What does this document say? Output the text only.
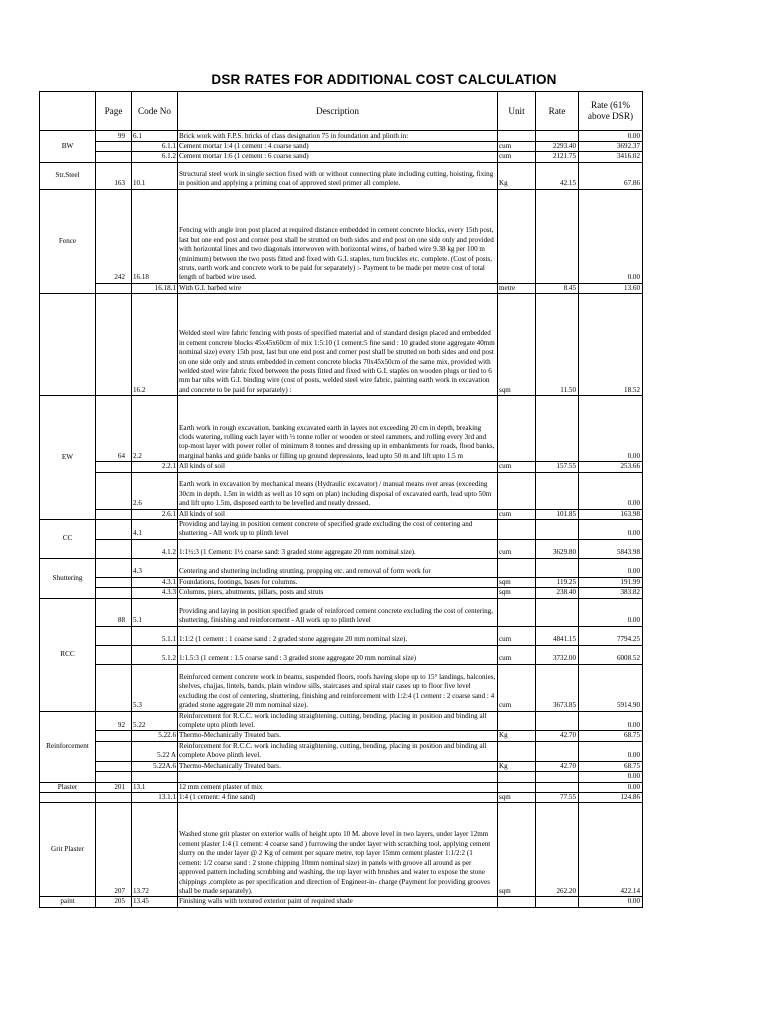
DSR RATES FOR ADDITIONAL COST CALCULATION
	Page	Code No	Description	Unit	Rate	Rate (61% above DSR)
BW	99	6.1	Brick work with F.P.S. bricks of class designation 75 in foundation and plinth in:			0.00
		6.1.1	Cement mortar 1:4 (1 cement : 4 coarse sand)	cum	2293.40	3692.37
		6.1.2	Cement mortar 1:6 (1 cement : 6 coarse sand)	cum	2121.75	3416.02
Str.Steel	163	10.1	Structural steel work in single section fixed with or without connecting plate including cutting, hoisting, fixing in position and applying a priming coat of approved steel primer all complete.	Kg	42.15	67.86
Fence	242	16.18	Fencing with angle iron post placed at required distance embedded in cement concrete blocks, every 15th post, last but one end post and corner post shall be strutted on both sides and end post on one side only and provided with horizontal lines and two diagonals interwoven with horizontal wires, of barbed wire 9.38 kg per 100 m (minimum) between the two posts fitted and fixed with G.I. staples, turn buckles etc. complete. (Cost of posts, struts, earth work and concrete work to be paid for separately) :- Payment to be made per metre cost of total length of barbed wire used.			0.00
		16.18.1	With G.I. barbed wire	metre	8.45	13.60
		16.2	Welded steel wire fabric fencing with posts of specified material and of standard design placed and embedded in cement concrete blocks 45x45x60cm of mix 1:5:10 (1 cement:5 fine sand : 10 graded stone aggregate 40mm nominal size) every 15th post, last but one end post and corner post shall be strutted on both sides and end post on one side only and struts embedded in cement concrete blocks 70x45x50cm of the same mix, provided with welded steel wire fabric fixed between the posts fitted and fixed with G.I. staples on wooden plugs or tied to 6 mm bar nibs with G.I. binding wire (cost of posts, welded steel wire fabric, painting earth work in excavation and concrete to be paid for separately) :	sqm	11.50	18.52
EW	64	2.2	Earth work in rough excavation, banking excavated earth in layers not exceeding 20 cm in depth, breaking clods watering, rolling each layer with ½ tonne roller or wooden or steel rammers, and rolling every 3rd and top-most layer with power roller of minimum 8 tonnes and dressing up in embankments for roads, flood banks, marginal banks and guide banks or filling up ground depressions, lead upto 50 m and lift upto 1.5 m			0.00
		2.2.1	All kinds of soil	cum	157.55	253.66
		2.6	Earth work in excavation by mechanical means (Hydraulic excavator) / manual means over areas (exceeding 30cm in depth. 1.5m in width as well as 10 sqm on plan) including disposal of excavated earth, lead upto 50m and lift upto 1.5m, disposed earth to be levelled and neatly dressed.			0.00
		2.6.1	All kinds of soil	cum	101.85	163.98
CC		4.1	Providing and laying in position cement concrete of specified grade excluding the cost of centering and shuttering - All work up to plinth level			0.00
		4.1.2	1:1½:3 (1 Cement: 1½ coarse sand: 3 graded stone aggregate 20 mm nominal size).	cum	3629.80	5843.98
Shuttering		4.3	Centering and shuttering including strutting, propping etc. and removal of form work for			0.00
		4.3.1	Foundations, footings, bases for columns.	sqm	119.25	191.99
		4.3.3	Columns, piers, abutments, pillars, posts and struts	sqm	238.40	383.82
RCC	88	5.1	Providing and laying in position specified grade of reinforced cement concrete excluding the cost of centering, shuttering, finishing and reinforcement - All work up to plinth level			0.00
		5.1.1	1:1:2 (1 cement : 1 coarse sand : 2 graded stone aggregate 20 mm nominal size).	cum	4841.15	7794.25
		5.1.2	1:1.5:3 (1 cement : 1.5 coarse sand : 3 graded stone aggregate 20 mm nominal size)	cum	3732.00	6008.52
		5.3	Reinforced cement concrete work in beams, suspended floors, roofs having slope up to 15° landings, balconies, shelves, chajjas, lintels, bands, plain window sills, staircases and spiral stair cases up to floor five level excluding the cost of centering, shuttering, finishing and reinforcement with 1:2:4 (1 cement : 2 coarse sand : 4 graded stone aggregate 20 mm nominal size).	cum	3673.85	5914.90
Reinforcement	92	5.22	Reinforcement for R.C.C. work including straightening, cutting, bending, placing in position and binding all complete upto plinth level.			0.00
		5.22.6	Thermo-Mechanically Treated bars.	Kg	42.70	68.75
		5.22 A	Reinforcement for R.C.C. work including straightening, cutting, bending, placing in position and binding all complete Above plinth level.			0.00
		5.22A.6	Thermo-Mechanically Treated bars.	Kg	42.70	68.75
						0.00
Plaster	201	13.1	12 mm cement plaster of mix			0.00
		13.1.1	1:4 (1 cement: 4 fine sand)	sqm	77.55	124.86
Grit Plaster	207	13.72	Washed stone grit plaster on exterior walls of height upto 10 M. above level in two layers, under layer 12mm cement plaster 1:4 (1 cement: 4 coarse sand ) furrowing the under layer with scratching tool, applying cement slurry on the under layer @ 2 Kg of cement per square metre, top layer 15mm cement plaster 1:1/2:2 (1 cement: 1/2 coarse sand : 2 stone chipping 10mm nominal size) in panels with groove all around as per approved pattern including scrubbing and washing, the top layer with brushes and water to expose the stone chippings ,complete as per specification and direction of Engineer-in- charge (Payment for providing grooves shall be made separately).	sqm	262.20	422.14
paint	205	13.45	Finishing walls with textured exterior paint of required shade			0.00
